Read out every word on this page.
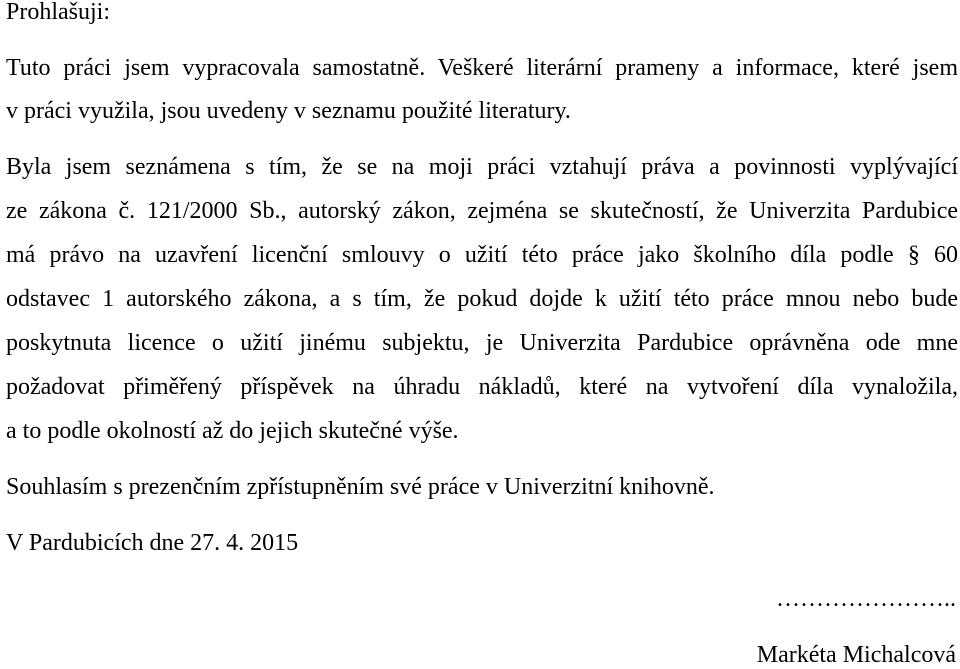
Prohlašuji:
Tuto práci jsem vypracovala samostatně. Veškeré literární prameny a informace, které jsem
v práci využila, jsou uvedeny v seznamu použité literatury.
Byla jsem seznámena s tím, že se na moji práci vztahují práva a povinnosti vyplývající
ze zákona č. 121/2000 Sb., autorský zákon, zejména se skutečností, že Univerzita Pardubice
má právo na uzavření licenční smlouvy o užití této práce jako školního díla podle § 60
odstavec 1 autorského zákona, a s tím, že pokud dojde k užití této práce mnou nebo bude
poskytnuta licence o užití jinému subjektu, je Univerzita Pardubice oprávněna ode mne
požadovat přiměřený příspěvek na úhradu nákladů, které na vytvoření díla vynaložila,
a to podle okolností až do jejich skutečné výše.
Souhlasím s prezenčním zpřístupněním své práce v Univerzitní knihovně.
V Pardubicích dne 27. 4. 2015
…………………..
Markéta Michalcová
